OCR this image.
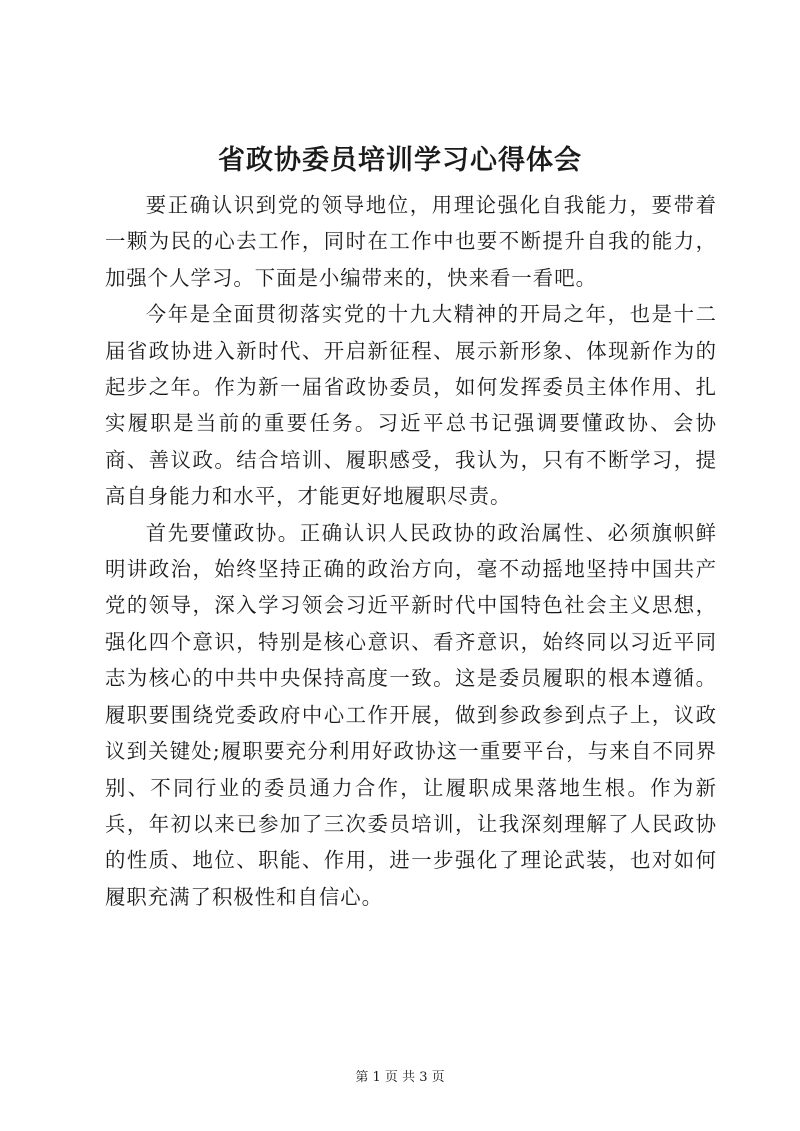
省政协委员培训学习心得体会

要正确认识到党的领导地位，用理论强化自我能力，要带着一颗为民的心去工作，同时在工作中也要不断提升自我的能力，加强个人学习。下面是小编带来的，快来看一看吧。

今年是全面贯彻落实党的十九大精神的开局之年，也是十二届省政协进入新时代、开启新征程、展示新形象、体现新作为的起步之年。作为新一届省政协委员，如何发挥委员主体作用、扎实履职是当前的重要任务。习近平总书记强调要懂政协、会协商、善议政。结合培训、履职感受，我认为，只有不断学习，提高自身能力和水平，才能更好地履职尽责。

首先要懂政协。正确认识人民政协的政治属性、必须旗帜鲜明讲政治，始终坚持正确的政治方向，毫不动摇地坚持中国共产党的领导，深入学习领会习近平新时代中国特色社会主义思想，强化四个意识，特别是核心意识、看齐意识，始终同以习近平同志为核心的中共中央保持高度一致。这是委员履职的根本遵循。履职要围绕党委政府中心工作开展，做到参政参到点子上，议政议到关键处;履职要充分利用好政协这一重要平台，与来自不同界别、不同行业的委员通力合作，让履职成果落地生根。作为新兵，年初以来已参加了三次委员培训，让我深刻理解了人民政协的性质、地位、职能、作用，进一步强化了理论武装，也对如何履职充满了积极性和自信心。

第 1 页 共 3 页
